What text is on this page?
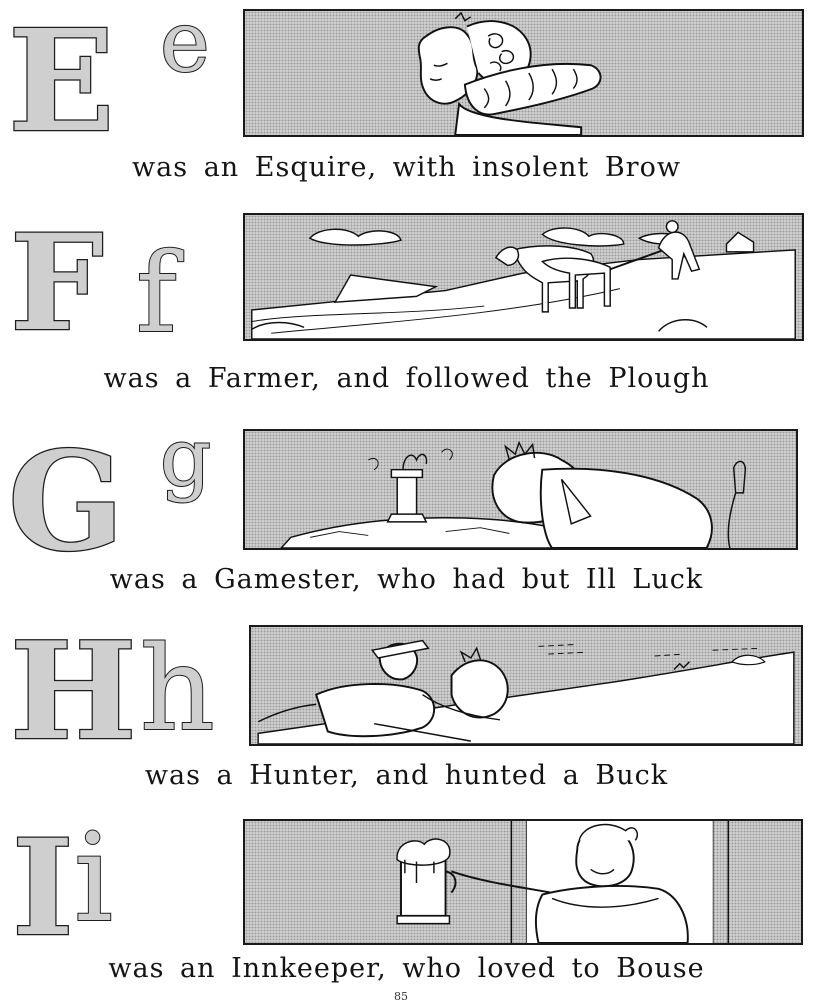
E e
was an Esquire, with insolent Brow
F f
was a Farmer, and followed the Plough
G g
was a Gamester, who had but Ill Luck
H h
was a Hunter, and hunted a Buck
I i
was an Innkeeper, who loved to Bouse
85
